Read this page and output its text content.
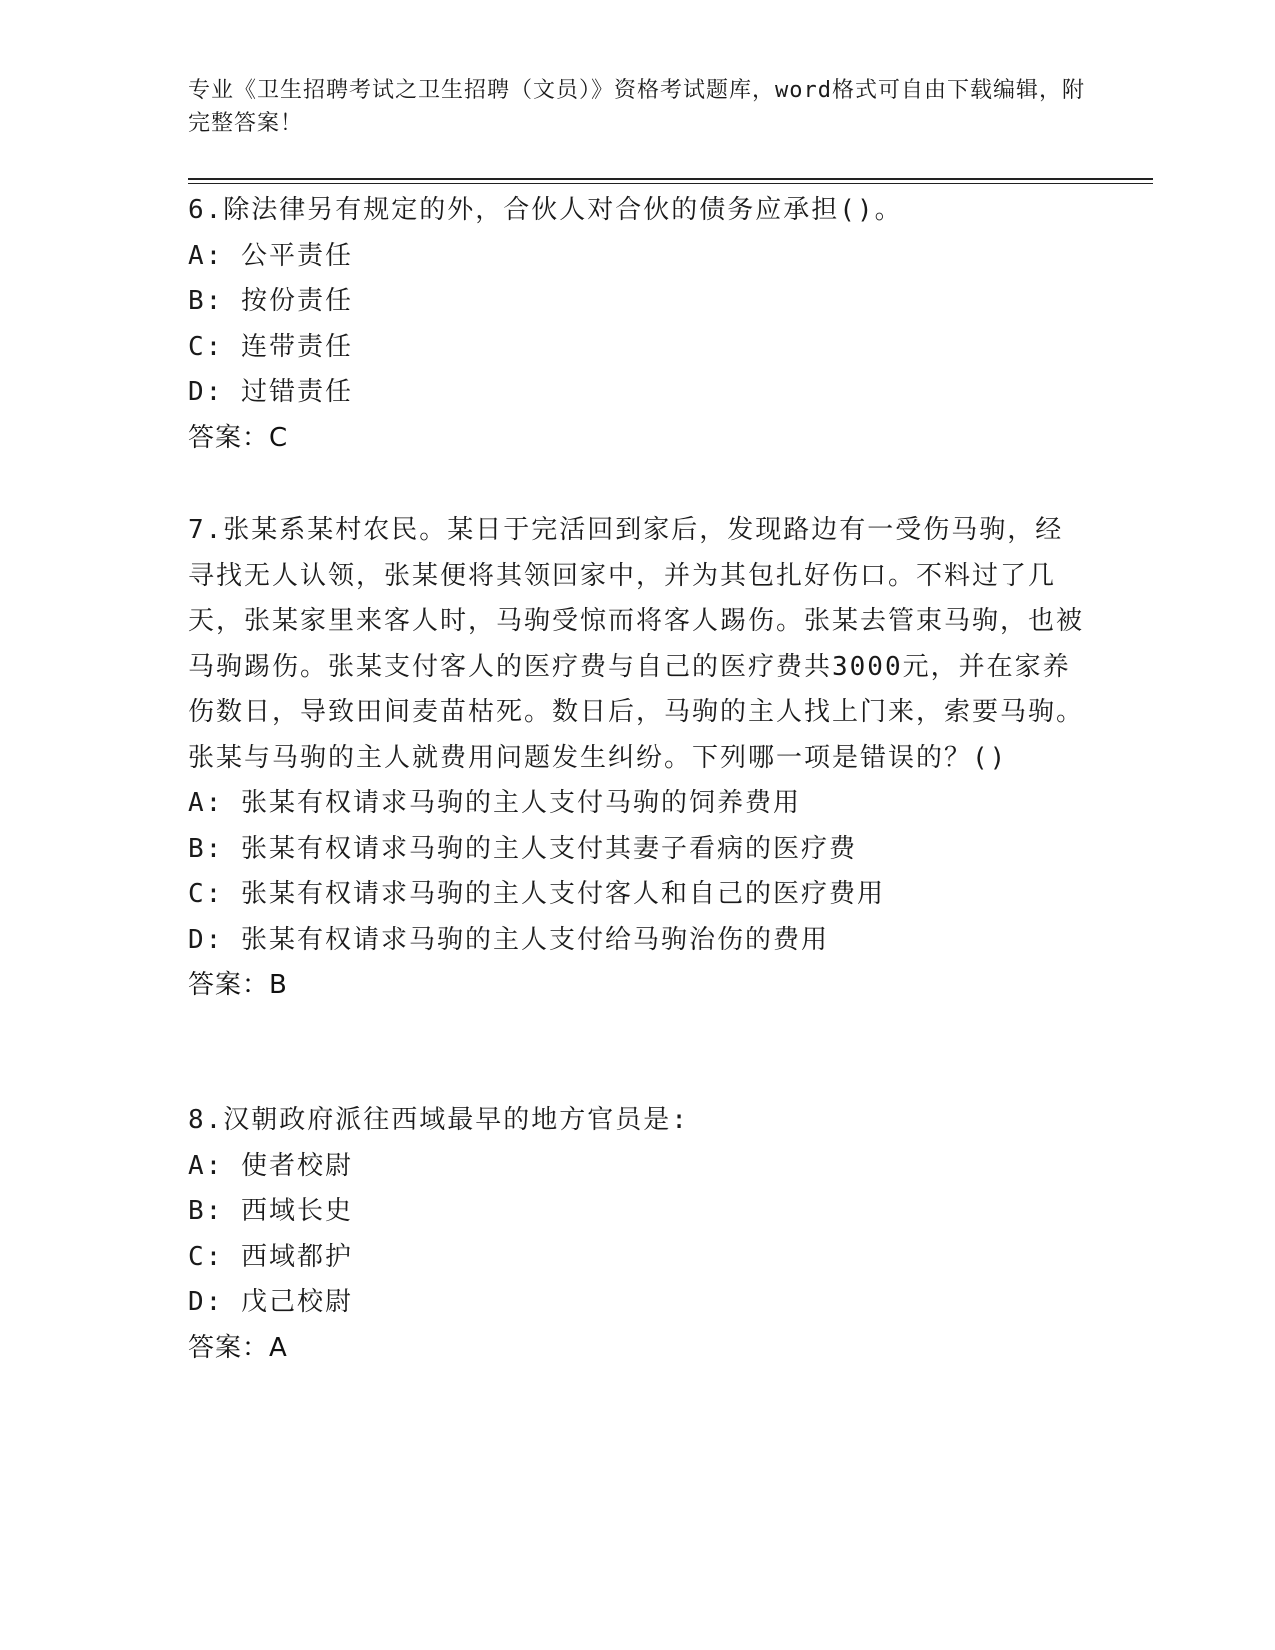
专业《卫生招聘考试之卫生招聘（文员）》资格考试题库，word格式可自由下载编辑，附完整答案！

6.除法律另有规定的外，合伙人对合伙的债务应承担()。

A: 公平责任
B: 按份责任
C: 连带责任
D: 过错责任
答案：C

7.张某系某村农民。某日于完活回到家后，发现路边有一受伤马驹，经寻找无人认领，张某便将其领回家中，并为其包扎好伤口。不料过了几天，张某家里来客人时，马驹受惊而将客人踢伤。张某去管束马驹，也被马驹踢伤。张某支付客人的医疗费与自己的医疗费共3000元，并在家养伤数日，导致田间麦苗枯死。数日后，马驹的主人找上门来，索要马驹。张某与马驹的主人就费用问题发生纠纷。下列哪一项是错误的？()

A: 张某有权请求马驹的主人支付马驹的饲养费用
B: 张某有权请求马驹的主人支付其妻子看病的医疗费
C: 张某有权请求马驹的主人支付客人和自己的医疗费用
D: 张某有权请求马驹的主人支付给马驹治伤的费用
答案：B

8.汉朝政府派往西域最早的地方官员是:

A: 使者校尉
B: 西域长史
C: 西域都护
D: 戊己校尉
答案：A
